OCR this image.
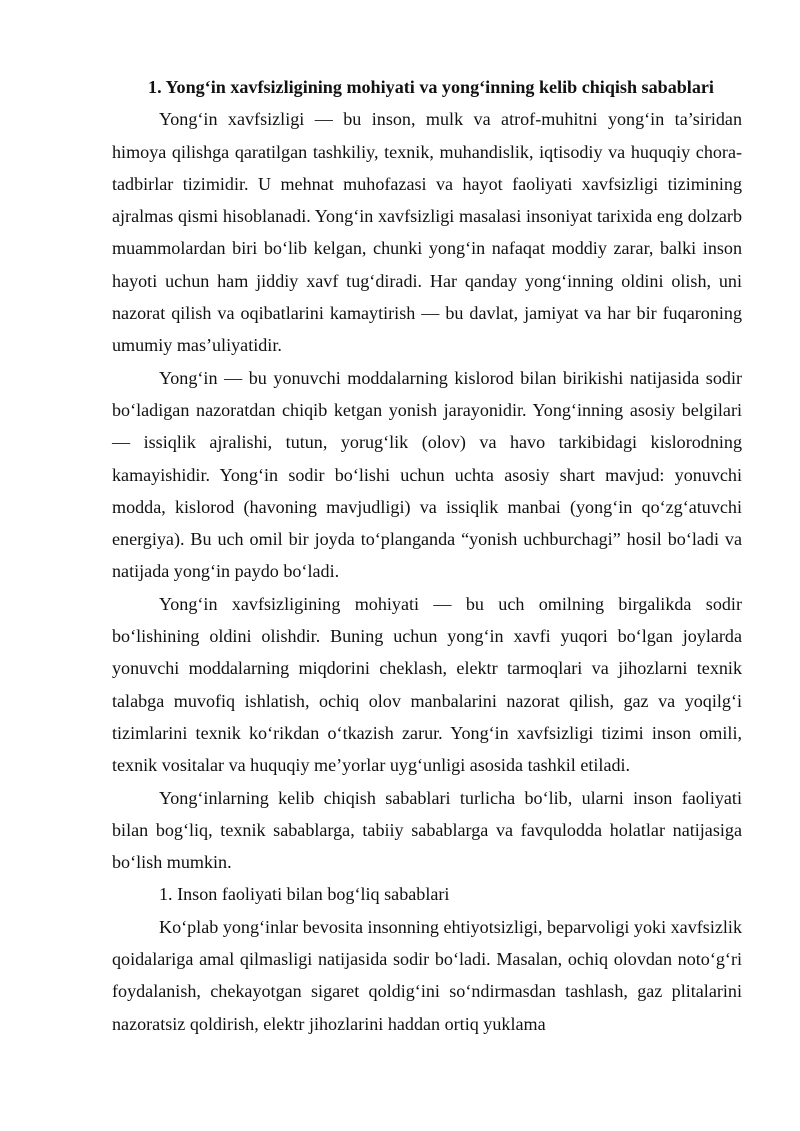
1. Yong‘in xavfsizligining mohiyati va yong‘inning kelib chiqish sabablari

Yong‘in xavfsizligi — bu inson, mulk va atrof-muhitni yong‘in ta’siridan himoya qilishga qaratilgan tashkiliy, texnik, muhandislik, iqtisodiy va huquqiy chora-tadbirlar tizimidir. U mehnat muhofazasi va hayot faoliyati xavfsizligi tizimining ajralmas qismi hisoblanadi. Yong‘in xavfsizligi masalasi insoniyat tarixida eng dolzarb muammolardan biri bo‘lib kelgan, chunki yong‘in nafaqat moddiy zarar, balki inson hayoti uchun ham jiddiy xavf tug‘diradi. Har qanday yong‘inning oldini olish, uni nazorat qilish va oqibatlarini kamaytirish — bu davlat, jamiyat va har bir fuqaroning umumiy mas’uliyatidir.

Yong‘in — bu yonuvchi moddalarning kislorod bilan birikishi natijasida sodir bo‘ladigan nazoratdan chiqib ketgan yonish jarayonidir. Yong‘inning asosiy belgilari — issiqlik ajralishi, tutun, yorug‘lik (olov) va havo tarkibidagi kislorodning kamayishidir. Yong‘in sodir bo‘lishi uchun uchta asosiy shart mavjud: yonuvchi modda, kislorod (havoning mavjudligi) va issiqlik manbai (yong‘in qo‘zg‘atuvchi energiya). Bu uch omil bir joyda to‘planganda “yonish uchburchagi” hosil bo‘ladi va natijada yong‘in paydo bo‘ladi.

Yong‘in xavfsizligining mohiyati — bu uch omilning birgalikda sodir bo‘lishining oldini olishdir. Buning uchun yong‘in xavfi yuqori bo‘lgan joylarda yonuvchi moddalarning miqdorini cheklash, elektr tarmoqlari va jihozlarni texnik talabga muvofiq ishlatish, ochiq olov manbalarini nazorat qilish, gaz va yoqilg‘i tizimlarini texnik ko‘rikdan o‘tkazish zarur. Yong‘in xavfsizligi tizimi inson omili, texnik vositalar va huquqiy me’yorlar uyg‘unligi asosida tashkil etiladi.

Yong‘inlarning kelib chiqish sabablari turlicha bo‘lib, ularni inson faoliyati bilan bog‘liq, texnik sabablarga, tabiiy sabablarga va favqulodda holatlar natijasiga bo‘lish mumkin.

1. Inson faoliyati bilan bog‘liq sabablari

Ko‘plab yong‘inlar bevosita insonning ehtiyotsizligi, beparvoligi yoki xavfsizlik qoidalariga amal qilmasligi natijasida sodir bo‘ladi. Masalan, ochiq olovdan noto‘g‘ri foydalanish, chekayotgan sigaret qoldig‘ini so‘ndirmasdan tashlash, gaz plitalarini nazoratsiz qoldirish, elektr jihozlarini haddan ortiq yuklama
